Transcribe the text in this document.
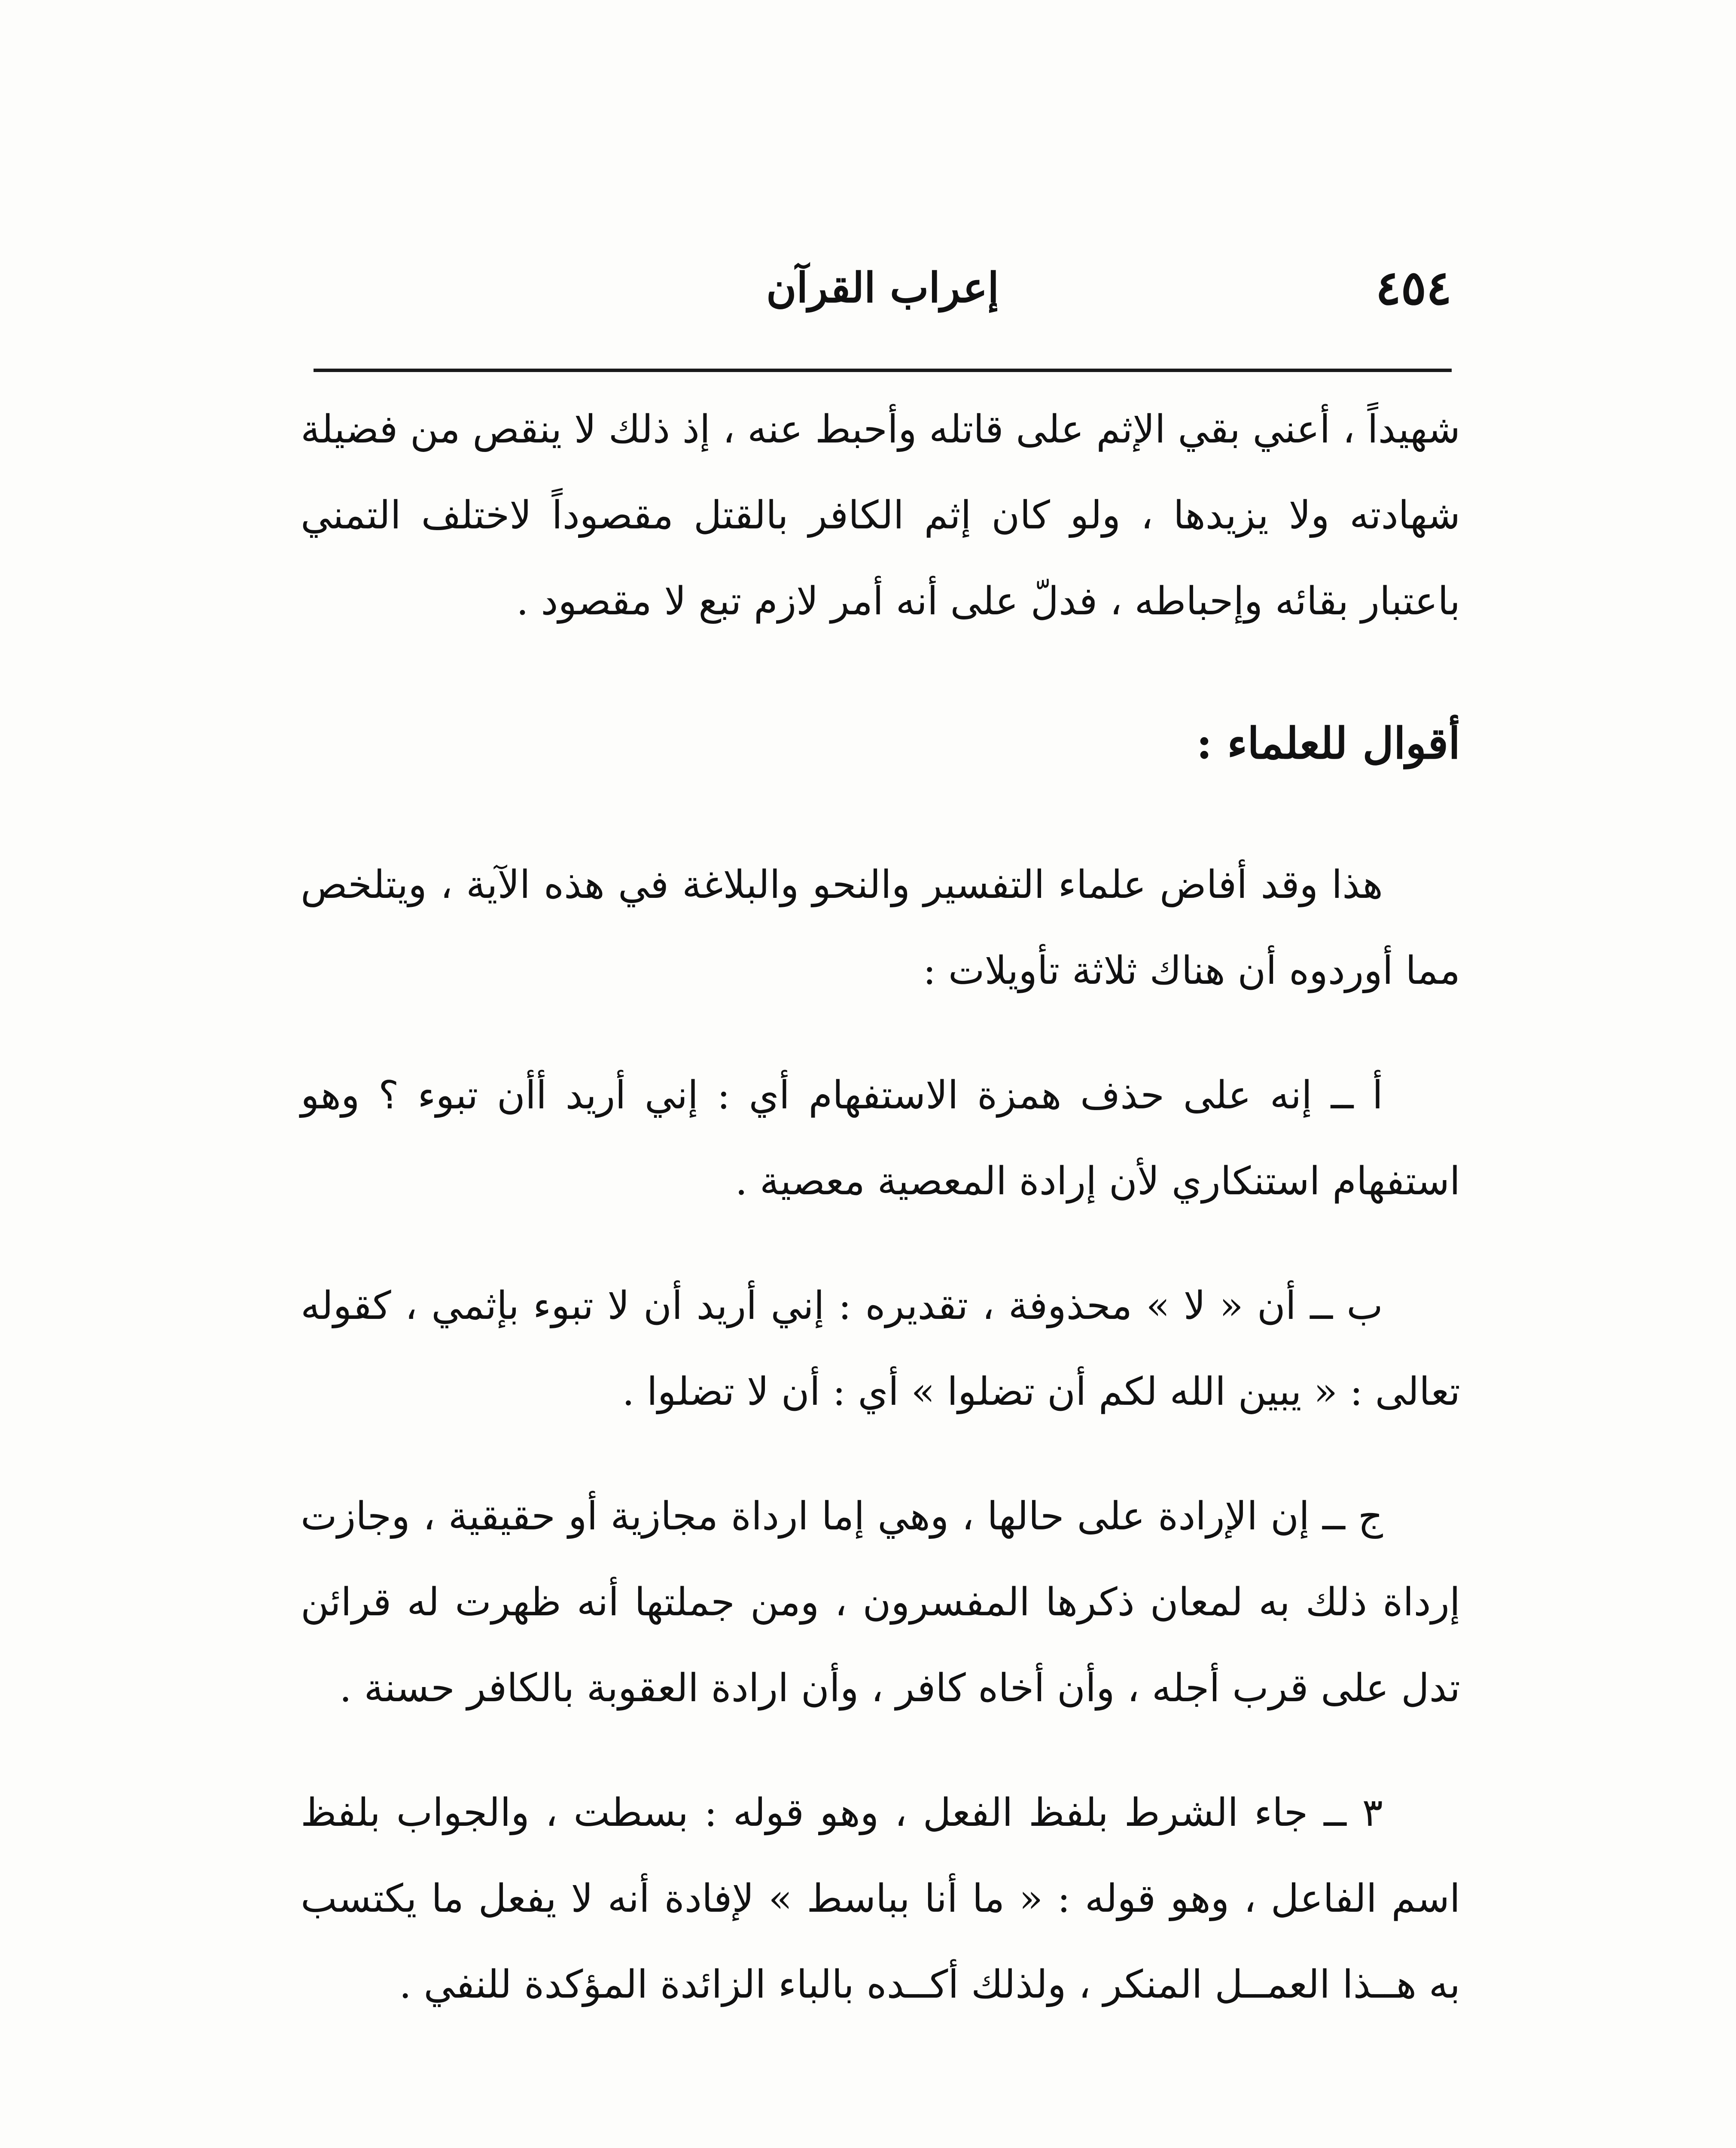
٤٥٤
إعراب القرآن

شهيداً ، أعني بقي الإثم على قاتله وأحبط عنه ، إذ ذلك لا ينقص من فضيلة شهادته ولا يزيدها ، ولو كان إثم الكافر بالقتل مقصوداً لاختلف التمني باعتبار بقائه وإحباطه ، فدلّ على أنه أمر لازم تبع لا مقصود .

أقوال للعلماء :

هذا وقد أفاض علماء التفسير والنحو والبلاغة في هذه الآية ، ويتلخص مما أوردوه أن هناك ثلاثة تأويلات :

أ ــ إنه على حذف همزة الاستفهام أي : إني أريد أأن تبوء ؟ وهو استفهام استنكاري لأن إرادة المعصية معصية .

ب ــ أن « لا » محذوفة ، تقديره : إني أريد أن لا تبوء بإثمي ، كقوله تعالى : « يبين الله لكم أن تضلوا » أي : أن لا تضلوا .

ج ــ إن الإرادة على حالها ، وهي إما ارداة مجازية أو حقيقية ، وجازت إرداة ذلك به لمعان ذكرها المفسرون ، ومن جملتها أنه ظهرت له قرائن تدل على قرب أجله ، وأن أخاه كافر ، وأن ارادة العقوبة بالكافر حسنة .

٣ ــ جاء الشرط بلفظ الفعل ، وهو قوله : بسطت ، والجواب بلفظ اسم الفاعل ، وهو قوله : « ما أنا بباسط » لإفادة أنه لا يفعل ما يكتسب به هــذا العمــل المنكر ، ولذلك أكــده بالباء الزائدة المؤكدة للنفي .
